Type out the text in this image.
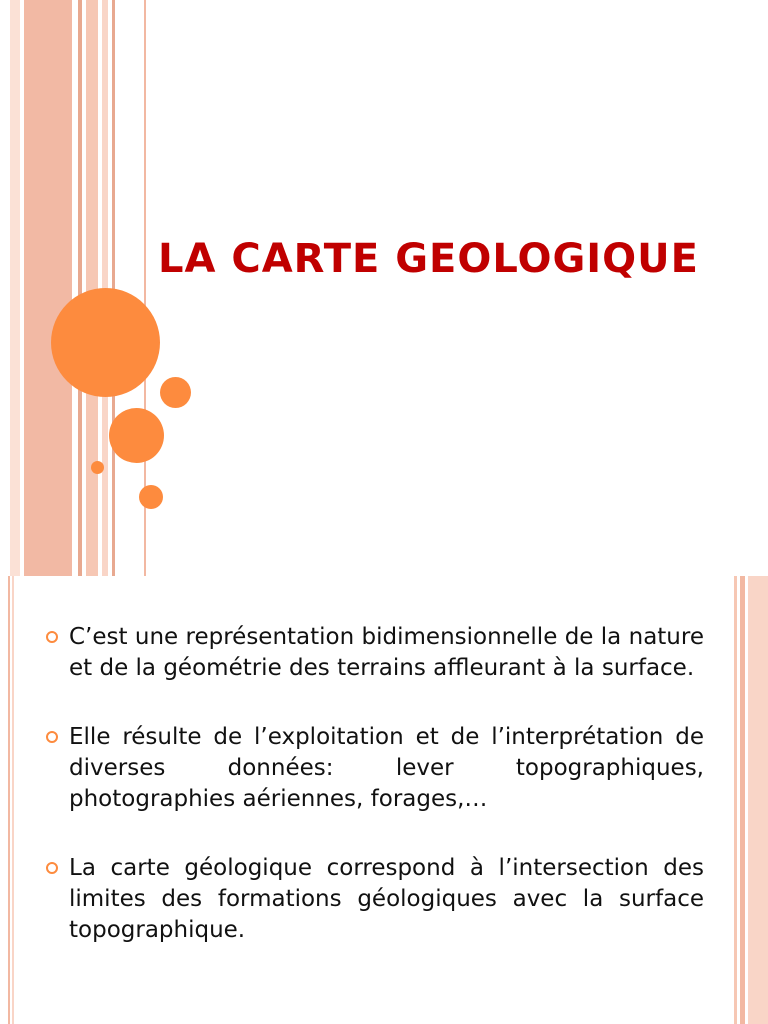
LA CARTE GEOLOGIQUE
C’est une représentation bidimensionnelle de la nature et de la géométrie des terrains affleurant à la surface.
Elle résulte de l’exploitation et de l’interprétation de diverses données: lever topographiques, photographies aériennes, forages,…
La carte géologique correspond à l’intersection des limites des formations géologiques avec la surface topographique.
